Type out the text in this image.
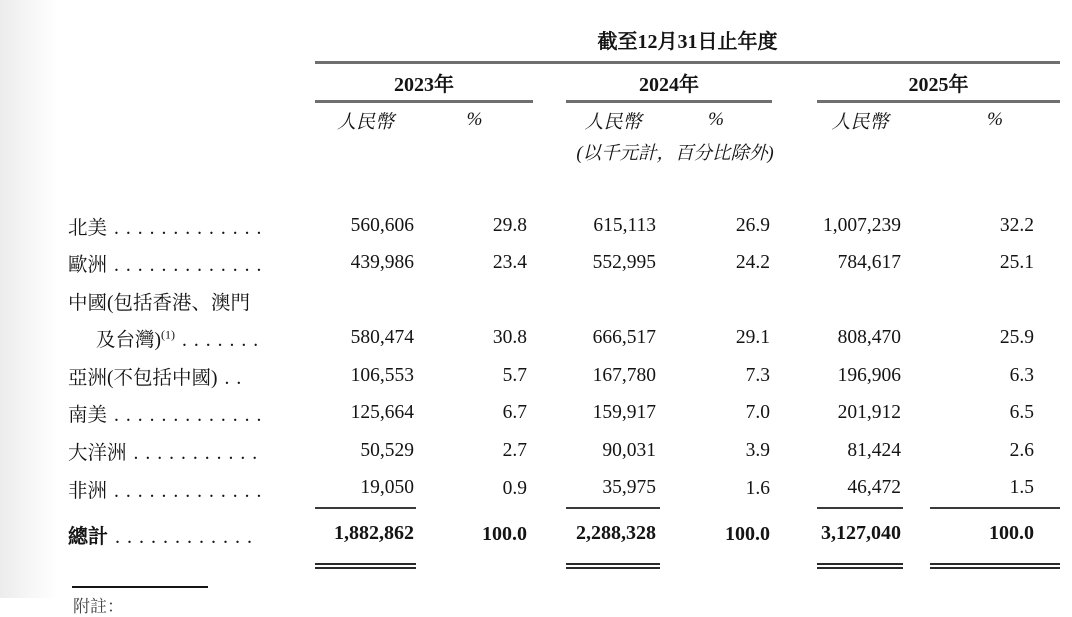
	截至12月31日止年度								
	2023年			2024年			2025年		
	人民幣	%		人民幣	%		人民幣		%
			(以千元計，百分比除外)						

北美 .............	560,606	29.8		615,113	26.9		1,007,239		32.2
歐洲 .............	439,986	23.4		552,995	24.2		784,617		25.1
中國(包括香港、澳門									
及台灣)$^{(1)}$ .......	580,474	30.8		666,517	29.1		808,470		25.9
亞洲(不包括中國) ..	106,553	5.7		167,780	7.3		196,906		6.3
南美 .............	125,664	6.7		159,917	7.0		201,912		6.5
大洋洲 ...........	50,529	2.7		90,031	3.9		81,424		2.6
非洲 .............	19,050	0.9		35,975	1.6		46,472		1.5
總計 ............	1,882,862	100.0		2,288,328	100.0		3,127,040		100.0
附註：
